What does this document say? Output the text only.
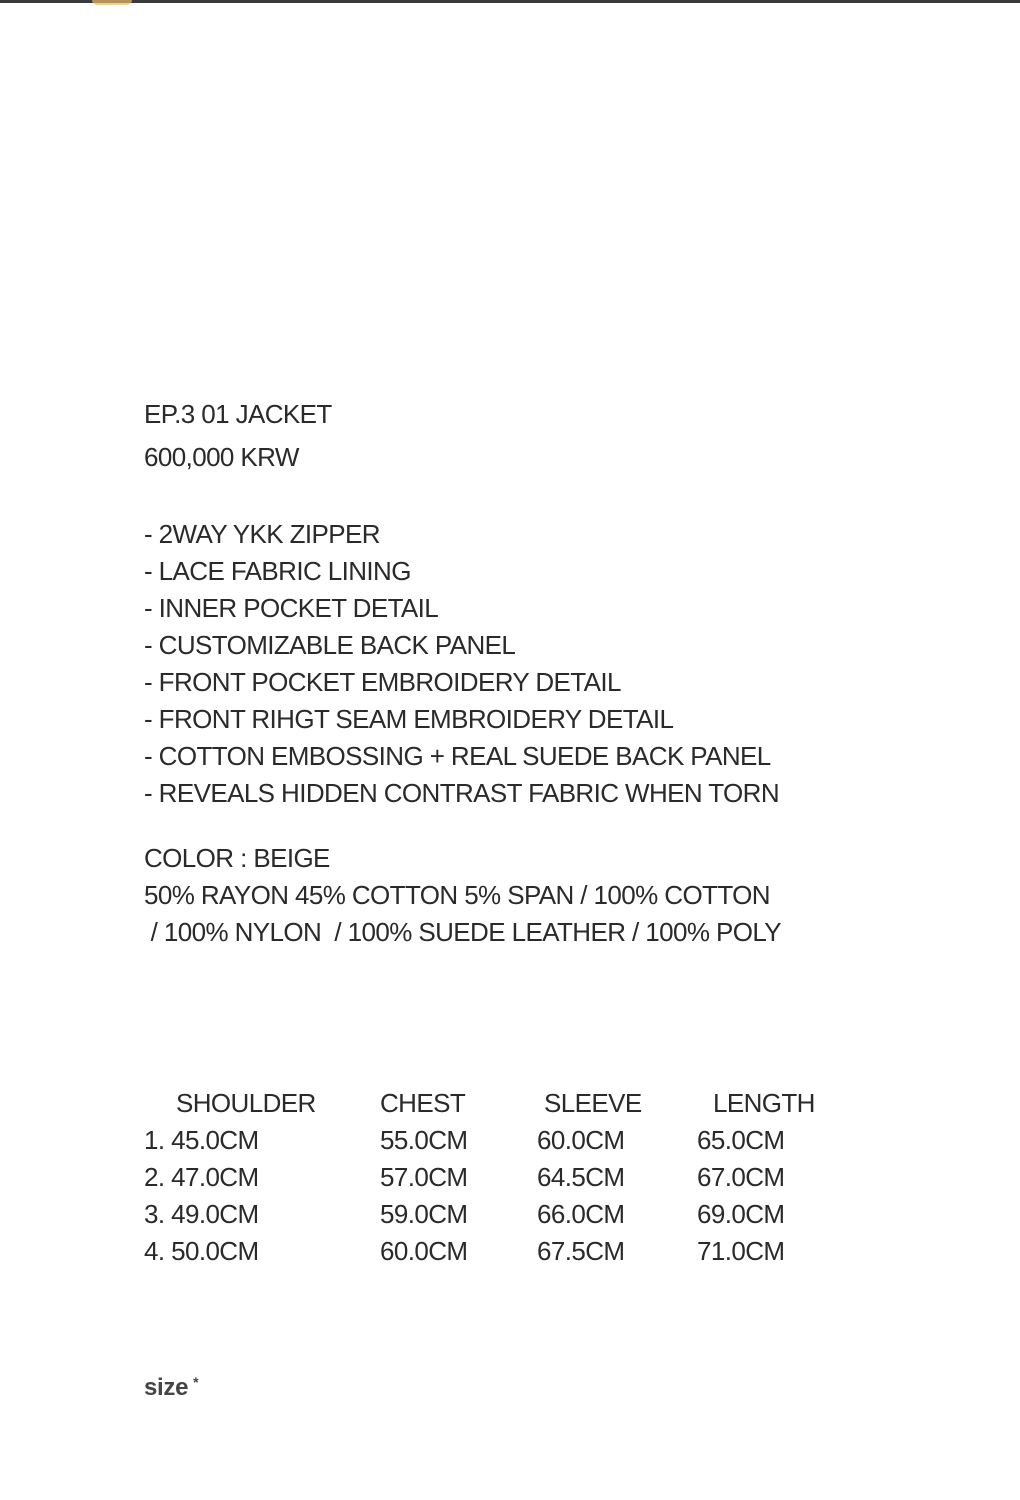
EP.3 01 JACKET
600,000 KRW
- 2WAY YKK ZIPPER
- LACE FABRIC LINING
- INNER POCKET DETAIL
- CUSTOMIZABLE BACK PANEL
- FRONT POCKET EMBROIDERY DETAIL
- FRONT RIHGT SEAM EMBROIDERY DETAIL
- COTTON EMBOSSING + REAL SUEDE BACK PANEL
- REVEALS HIDDEN CONTRAST FABRIC WHEN TORN
COLOR : BEIGE
50% RAYON 45% COTTON 5% SPAN / 100% COTTON
/ 100% NYLON  / 100% SUEDE LEATHER / 100% POLY
SHOULDER	CHEST	SLEEVE	LENGTH
1. 45.0CM	55.0CM	60.0CM	65.0CM
2. 47.0CM	57.0CM	64.5CM	67.0CM
3. 49.0CM	59.0CM	66.0CM	69.0CM
4. 50.0CM	60.0CM	67.5CM	71.0CM
size *
